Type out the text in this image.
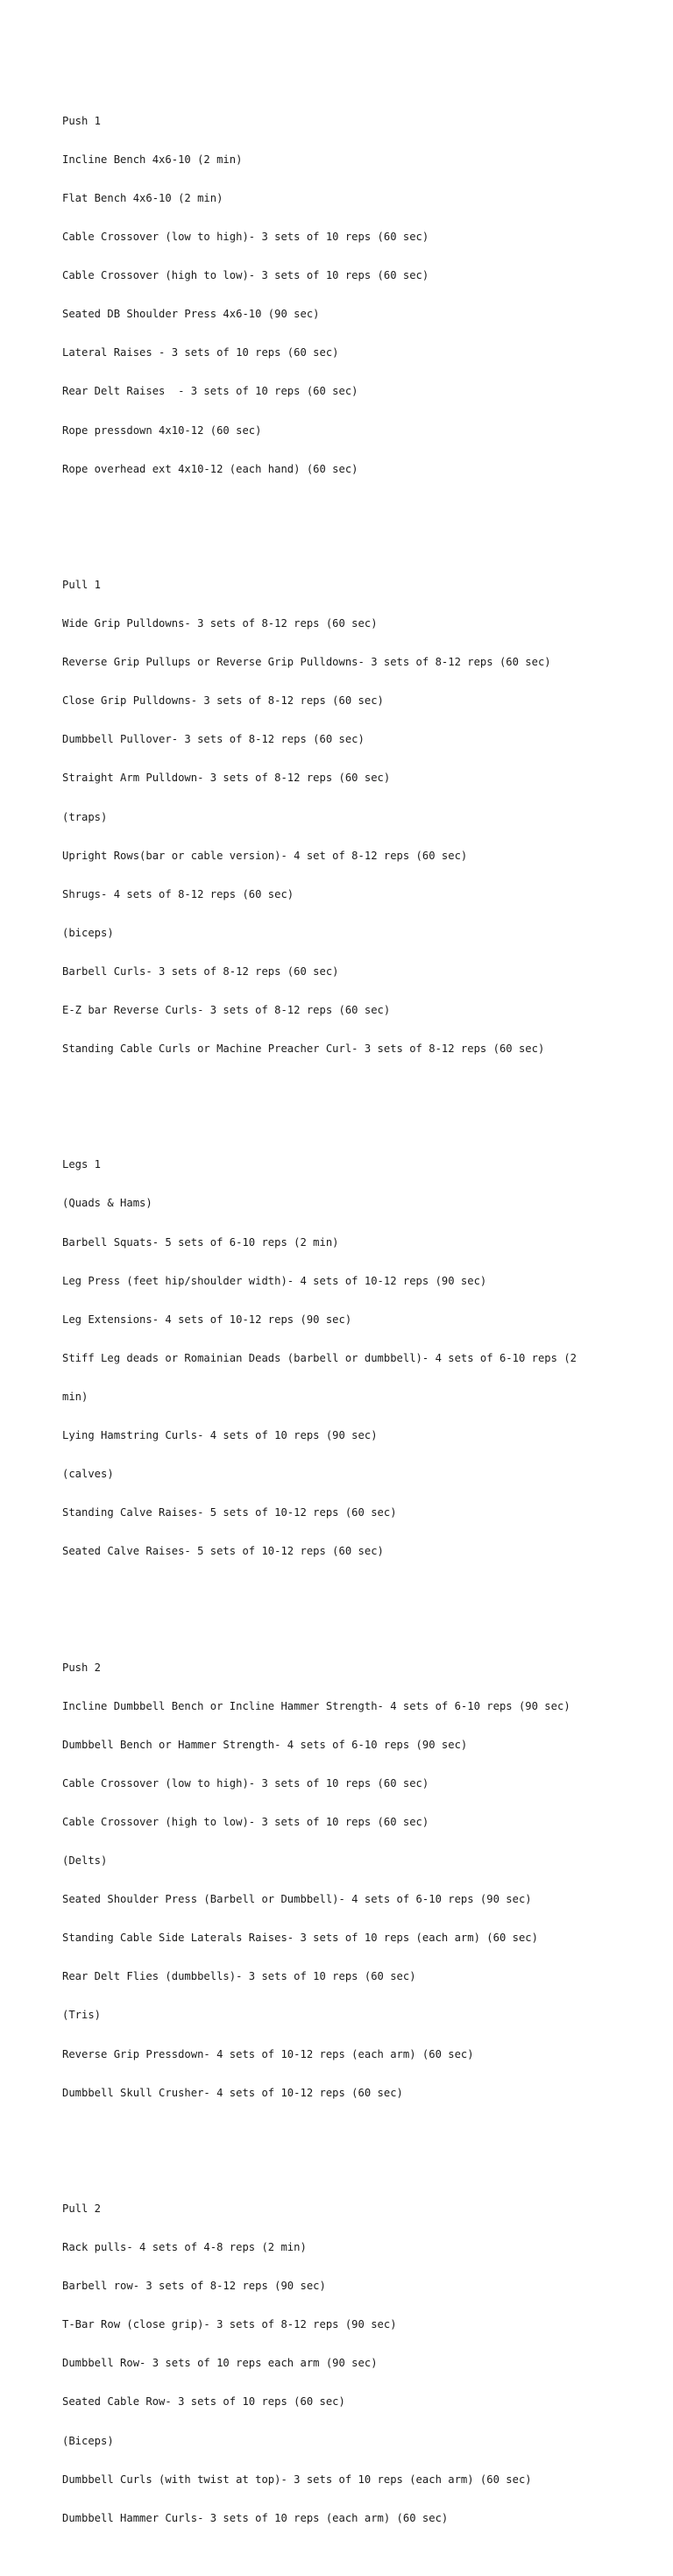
Push 1

Incline Bench 4x6-10 (2 min)

Flat Bench 4x6-10 (2 min)

Cable Crossover (low to high)- 3 sets of 10 reps (60 sec)

Cable Crossover (high to low)- 3 sets of 10 reps (60 sec)

Seated DB Shoulder Press 4x6-10 (90 sec)

Lateral Raises - 3 sets of 10 reps (60 sec)

Rear Delt Raises  - 3 sets of 10 reps (60 sec)

Rope pressdown 4x10-12 (60 sec)

Rope overhead ext 4x10-12 (each hand) (60 sec)

Pull 1

Wide Grip Pulldowns- 3 sets of 8-12 reps (60 sec)

Reverse Grip Pullups or Reverse Grip Pulldowns- 3 sets of 8-12 reps (60 sec)

Close Grip Pulldowns- 3 sets of 8-12 reps (60 sec)

Dumbbell Pullover- 3 sets of 8-12 reps (60 sec)

Straight Arm Pulldown- 3 sets of 8-12 reps (60 sec)

(traps)

Upright Rows(bar or cable version)- 4 set of 8-12 reps (60 sec)

Shrugs- 4 sets of 8-12 reps (60 sec)

(biceps)

Barbell Curls- 3 sets of 8-12 reps (60 sec)

E-Z bar Reverse Curls- 3 sets of 8-12 reps (60 sec)

Standing Cable Curls or Machine Preacher Curl- 3 sets of 8-12 reps (60 sec)

Legs 1

(Quads & Hams)

Barbell Squats- 5 sets of 6-10 reps (2 min)

Leg Press (feet hip/shoulder width)- 4 sets of 10-12 reps (90 sec)

Leg Extensions- 4 sets of 10-12 reps (90 sec)

Stiff Leg deads or Romainian Deads (barbell or dumbbell)- 4 sets of 6-10 reps (2

min)

Lying Hamstring Curls- 4 sets of 10 reps (90 sec)

(calves)

Standing Calve Raises- 5 sets of 10-12 reps (60 sec)

Seated Calve Raises- 5 sets of 10-12 reps (60 sec)

Push 2

Incline Dumbbell Bench or Incline Hammer Strength- 4 sets of 6-10 reps (90 sec)

Dumbbell Bench or Hammer Strength- 4 sets of 6-10 reps (90 sec)

Cable Crossover (low to high)- 3 sets of 10 reps (60 sec)

Cable Crossover (high to low)- 3 sets of 10 reps (60 sec)

(Delts)

Seated Shoulder Press (Barbell or Dumbbell)- 4 sets of 6-10 reps (90 sec)

Standing Cable Side Laterals Raises- 3 sets of 10 reps (each arm) (60 sec)

Rear Delt Flies (dumbbells)- 3 sets of 10 reps (60 sec)

(Tris)

Reverse Grip Pressdown- 4 sets of 10-12 reps (each arm) (60 sec)

Dumbbell Skull Crusher- 4 sets of 10-12 reps (60 sec)

Pull 2

Rack pulls- 4 sets of 4-8 reps (2 min)

Barbell row- 3 sets of 8-12 reps (90 sec)

T-Bar Row (close grip)- 3 sets of 8-12 reps (90 sec)

Dumbbell Row- 3 sets of 10 reps each arm (90 sec)

Seated Cable Row- 3 sets of 10 reps (60 sec)

(Biceps)

Dumbbell Curls (with twist at top)- 3 sets of 10 reps (each arm) (60 sec)

Dumbbell Hammer Curls- 3 sets of 10 reps (each arm) (60 sec)
